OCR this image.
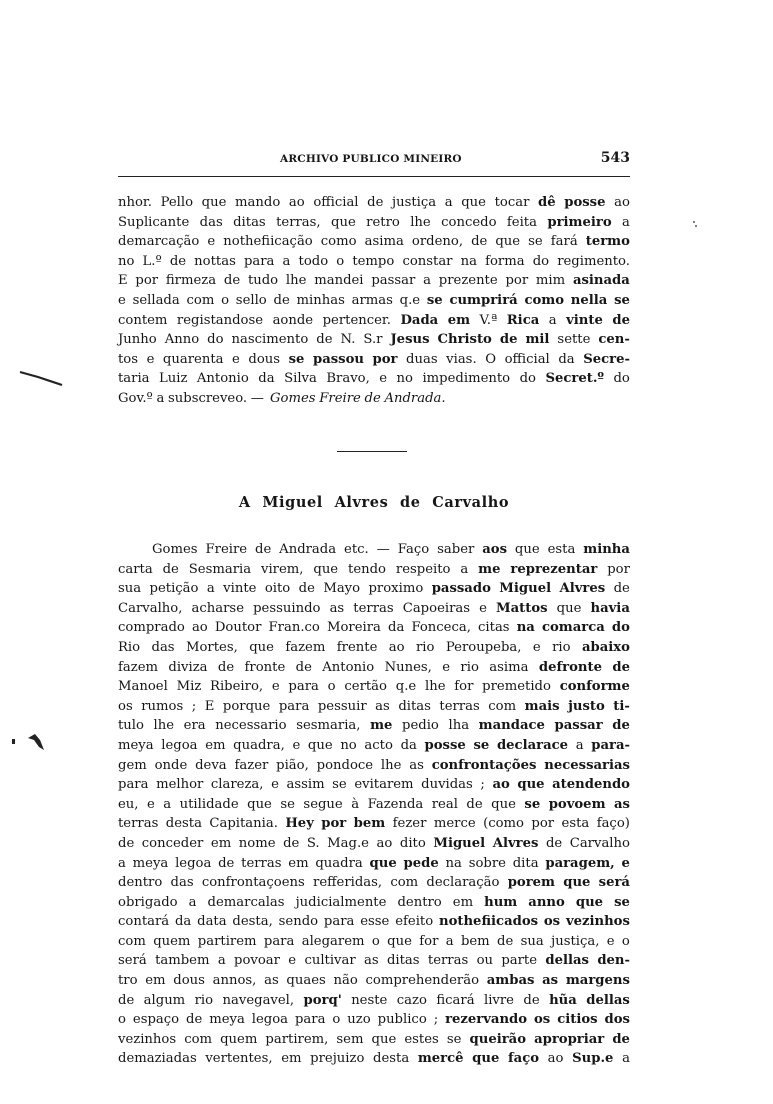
ARCHIVO PUBLICO MINEIRO	543
nhor. Pello que mando ao official de justiça a que tocar dê posse ao
Suplicante das ditas terras, que retro lhe concedo feita primeiro a
demarcação e nothefiicação como asima ordeno, de que se fará termo
no L.º de nottas para a todo o tempo constar na forma do regimento.
E por firmeza de tudo lhe mandei passar a prezente por mim asinada
e sellada com o sello de minhas armas q.e se cumprirá como nella se
contem registandose aonde pertencer. Dada em V.ª Rica a vinte de
Junho Anno do nascimento de N. S.r Jesus Christo de mil sette cen-
tos e quarenta e dous se passou por duas vias. O official da Secre-
taria Luiz Antonio da Silva Bravo, e no impedimento do Secret.º do
Gov.º a subscreveo. — Gomes Freire de Andrada.
A Miguel Alvres de Carvalho
Gomes Freire de Andrada etc. — Faço saber aos que esta minha
carta de Sesmaria virem, que tendo respeito a me reprezentar por
sua petição a vinte oito de Mayo proximo passado Miguel Alvres de
Carvalho, acharse pessuindo as terras Capoeiras e Mattos que havia
comprado ao Doutor Fran.co Moreira da Fonceca, citas na comarca do
Rio das Mortes, que fazem frente ao rio Peroupeba, e rio abaixo
fazem diviza de fronte de Antonio Nunes, e rio asima defronte de
Manoel Miz Ribeiro, e para o certão q.e lhe for premetido conforme
os rumos ; E porque para pessuir as ditas terras com mais justo ti-
tulo lhe era necessario sesmaria, me pedio lha mandace passar de
meya legoa em quadra, e que no acto da posse se declarace a para-
gem onde deva fazer pião, pondoce lhe as confrontações necessarias
para melhor clareza, e assim se evitarem duvidas ; ao que atendendo
eu, e a utilidade que se segue à Fazenda real de que se povoem as
terras desta Capitania. Hey por bem fezer merce (como por esta faço)
de conceder em nome de S. Mag.e ao dito Miguel Alvres de Carvalho
a meya legoa de terras em quadra que pede na sobre dita paragem, e
dentro das confrontaçoens refferidas, com declaração porem que será
obrigado a demarcalas judicialmente dentro em hum anno que se
contará da data desta, sendo para esse efeito nothefiicados os vezinhos
com quem partirem para alegarem o que for a bem de sua justiça, e o
será tambem a povoar e cultivar as ditas terras ou parte dellas den-
tro em dous annos, as quaes não comprehenderão ambas as margens
de algum rio navegavel, porq' neste cazo ficará livre de hũa dellas
o espaço de meya legoa para o uzo publico ; rezervando os citios dos
vezinhos com quem partirem, sem que estes se queirão apropriar de
demaziadas vertentes, em prejuizo desta mercê que faço ao Sup.e a
